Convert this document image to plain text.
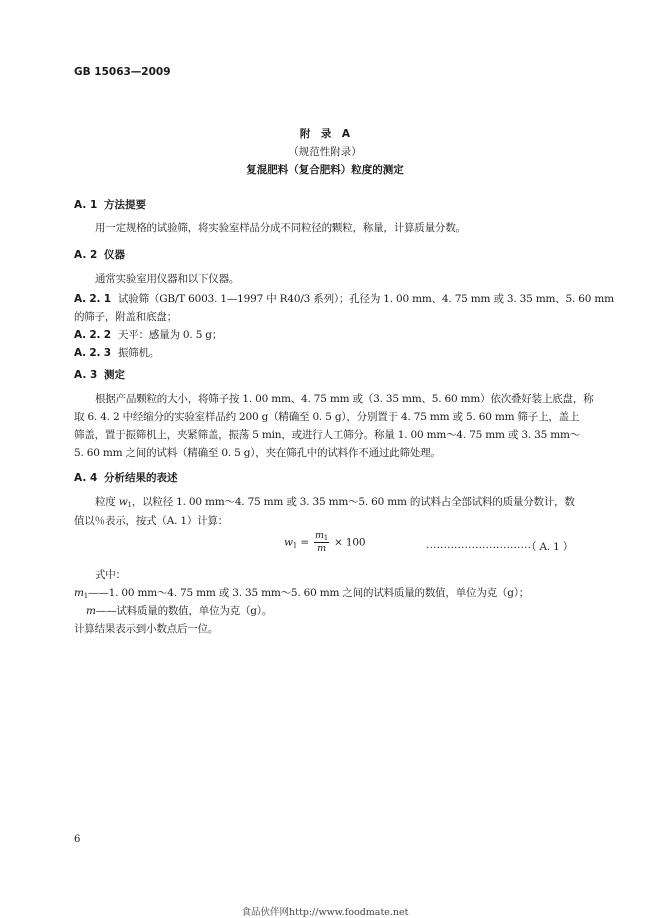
GB 15063—2009
附　录　A
（规范性附录）
复混肥料（复合肥料）粒度的测定
A. 1 方法提要
用一定规格的试验筛，将实验室样品分成不同粒径的颗粒，称量，计算质量分数。
A. 2 仪器
通常实验室用仪器和以下仪器。
A. 2. 1 试验筛（GB/T 6003. 1—1997 中 R40/3 系列）；孔径为 1. 00 mm、4. 75 mm 或 3. 35 mm、5. 60 mm
的筛子，附盖和底盘；
A. 2. 2 天平：感量为 0. 5 g；
A. 2. 3 振筛机。
A. 3 测定
根据产品颗粒的大小，将筛子按 1. 00 mm、4. 75 mm 或（3. 35 mm、5. 60 mm）依次叠好装上底盘，称
取 6. 4. 2 中经缩分的实验室样品约 200 g（精确至 0. 5 g），分别置于 4. 75 mm 或 5. 60 mm 筛子上，盖上
筛盖，置于振筛机上，夹紧筛盖，振荡 5 min，或进行人工筛分。称量 1. 00 mm～4. 75 mm 或 3. 35 mm～
5. 60 mm 之间的试料（精确至 0. 5 g），夹在筛孔中的试料作不通过此筛处理。
A. 4 分析结果的表述
粒度 $w_1$，以粒径 1. 00 mm～4. 75 mm 或 3. 35 mm～5. 60 mm 的试料占全部试料的质量分数计，数
值以％表示，按式（A. 1）计算：
$w_1 = \frac{m_1}{m} \times 100$	…………………………
（ A. 1 ）
式中：
$m_1——1$. 00 mm～4. 75 mm 或 3. 35 mm～5. 60 mm 之间的试料质量的数值，单位为克（g）；
m——试料质量的数值，单位为克（g）。
计算结果表示到小数点后一位。
6
食品伙伴网http://www.foodmate.net
